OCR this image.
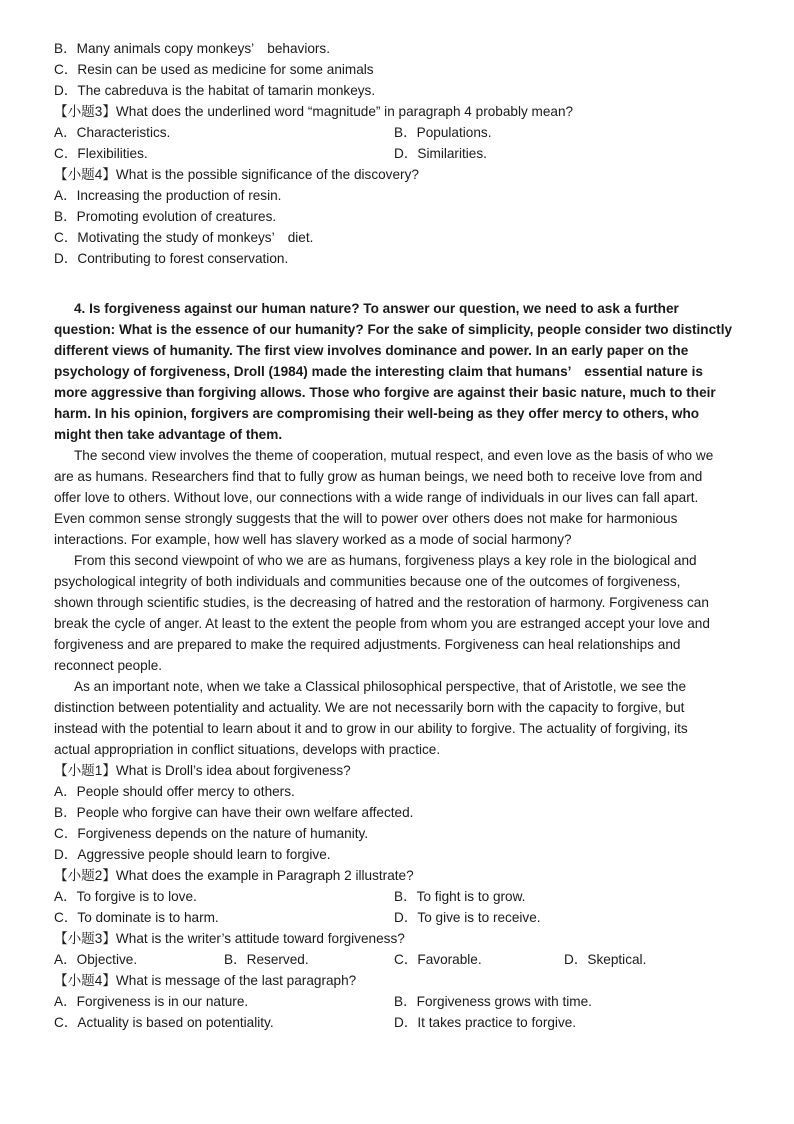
B．Many animals copy monkeys’　behaviors.
C．Resin can be used as medicine for some animals
D．The cabreduva is the habitat of tamarin monkeys.
【小题3】What does the underlined word “magnitude” in paragraph 4 probably mean?
A．Characteristics.	B．Populations.
C．Flexibilities.	D．Similarities.
【小题4】What is the possible significance of the discovery?
A．Increasing the production of resin.
B．Promoting evolution of creatures.
C．Motivating the study of monkeys’　diet.
D．Contributing to forest conservation.
4. Is forgiveness against our human nature? To answer our question, we need to ask a further
question: What is the essence of our humanity? For the sake of simplicity, people consider two distinctly
different views of humanity. The first view involves dominance and power. In an early paper on the
psychology of forgiveness, Droll (1984) made the interesting claim that humans’　essential nature is
more aggressive than forgiving allows. Those who forgive are against their basic nature, much to their
harm. In his opinion, forgivers are compromising their well-being as they offer mercy to others, who
might then take advantage of them.
The second view involves the theme of cooperation, mutual respect, and even love as the basis of who we
are as humans. Researchers find that to fully grow as human beings, we need both to receive love from and
offer love to others. Without love, our connections with a wide range of individuals in our lives can fall apart.
Even common sense strongly suggests that the will to power over others does not make for harmonious
interactions. For example, how well has slavery worked as a mode of social harmony?
From this second viewpoint of who we are as humans, forgiveness plays a key role in the biological and
psychological integrity of both individuals and communities because one of the outcomes of forgiveness,
shown through scientific studies, is the decreasing of hatred and the restoration of harmony. Forgiveness can
break the cycle of anger. At least to the extent the people from whom you are estranged accept your love and
forgiveness and are prepared to make the required adjustments. Forgiveness can heal relationships and
reconnect people.
As an important note, when we take a Classical philosophical perspective, that of Aristotle, we see the
distinction between potentiality and actuality. We are not necessarily born with the capacity to forgive, but
instead with the potential to learn about it and to grow in our ability to forgive. The actuality of forgiving, its
actual appropriation in conflict situations, develops with practice.
【小题1】What is Droll’s idea about forgiveness?
A．People should offer mercy to others.
B．People who forgive can have their own welfare affected.
C．Forgiveness depends on the nature of humanity.
D．Aggressive people should learn to forgive.
【小题2】What does the example in Paragraph 2 illustrate?
A．To forgive is to love.	B．To fight is to grow.
C．To dominate is to harm.	D．To give is to receive.
【小题3】What is the writer’s attitude toward forgiveness?
A．Objective.	B．Reserved.	C．Favorable.	D．Skeptical.
【小题4】What is message of the last paragraph?
A．Forgiveness is in our nature.	B．Forgiveness grows with time.
C．Actuality is based on potentiality.	D．It takes practice to forgive.
